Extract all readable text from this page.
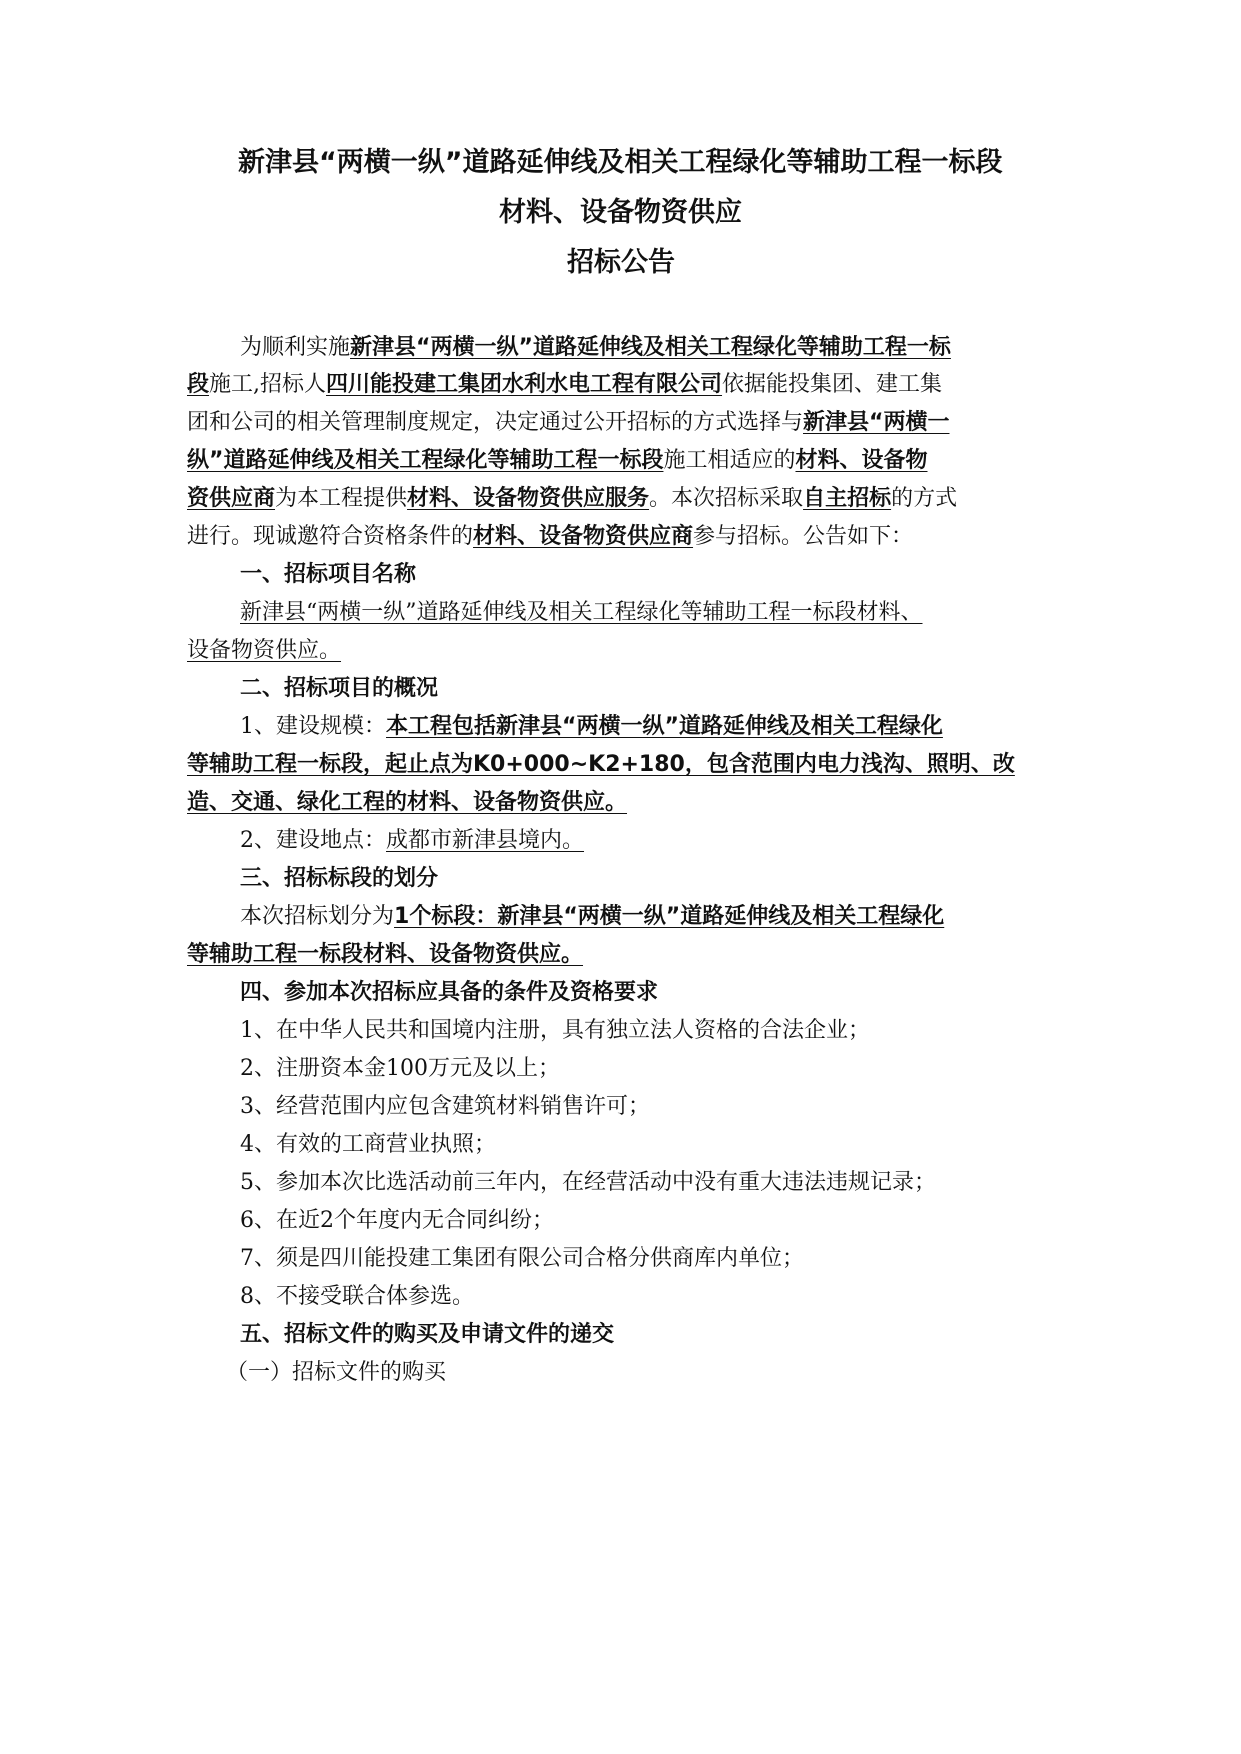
新津县“两横一纵”道路延伸线及相关工程绿化等辅助工程一标段
材料、设备物资供应
招标公告
为顺利实施新津县“两横一纵”道路延伸线及相关工程绿化等辅助工程一标
段施工,招标人四川能投建工集团水利水电工程有限公司依据能投集团、建工集
团和公司的相关管理制度规定，决定通过公开招标的方式选择与新津县“两横一
纵”道路延伸线及相关工程绿化等辅助工程一标段施工相适应的材料、设备物
资供应商为本工程提供材料、设备物资供应服务。本次招标采取自主招标的方式
进行。现诚邀符合资格条件的材料、设备物资供应商参与招标。公告如下：
一、招标项目名称
新津县“两横一纵”道路延伸线及相关工程绿化等辅助工程一标段材料、
设备物资供应。
二、招标项目的概况
1、建设规模：本工程包括新津县“两横一纵”道路延伸线及相关工程绿化
等辅助工程一标段，起止点为K0+000~K2+180，包含范围内电力浅沟、照明、改
造、交通、绿化工程的材料、设备物资供应。
2、建设地点：成都市新津县境内。
三、招标标段的划分
本次招标划分为1个标段：新津县“两横一纵”道路延伸线及相关工程绿化
等辅助工程一标段材料、设备物资供应。
四、参加本次招标应具备的条件及资格要求
1、在中华人民共和国境内注册，具有独立法人资格的合法企业；
2、注册资本金100万元及以上；
3、经营范围内应包含建筑材料销售许可；
4、有效的工商营业执照；
5、参加本次比选活动前三年内，在经营活动中没有重大违法违规记录；
6、在近2个年度内无合同纠纷；
7、须是四川能投建工集团有限公司合格分供商库内单位；
8、不接受联合体参选。
五、招标文件的购买及申请文件的递交
（一）招标文件的购买
